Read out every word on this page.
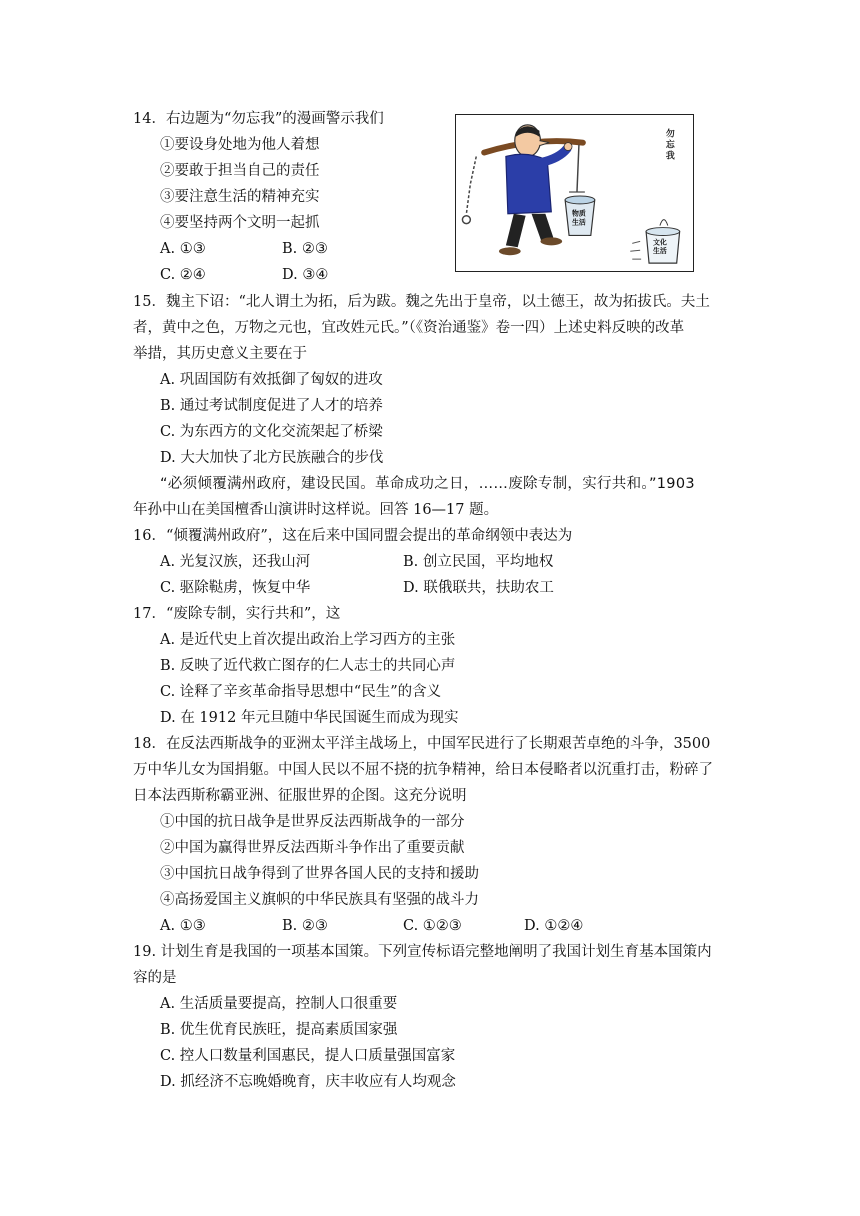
14．右边题为“勿忘我”的漫画警示我们
①要设身处地为他人着想
②要敢于担当自己的责任
③要注意生活的精神充实
④要坚持两个文明一起抓
A. ①③	B. ②③
C. ②④	D. ③④
物质
生活
勿
忘
我
文化
生活
15．魏主下诏：“北人谓土为拓，后为跋。魏之先出于皇帝，以土德王，故为拓拔氏。夫土
者，黄中之色，万物之元也，宜改姓元氏。”（《资治通鉴》卷一四）上述史料反映的改革
举措，其历史意义主要在于
A. 巩固国防有效抵御了匈奴的进攻
B. 通过考试制度促进了人才的培养
C. 为东西方的文化交流架起了桥梁
D. 大大加快了北方民族融合的步伐
“必须倾覆满州政府，建设民国。革命成功之日，……废除专制，实行共和。”1903
年孙中山在美国檀香山演讲时这样说。回答 16—17 题。
16．“倾覆满州政府”，这在后来中国同盟会提出的革命纲领中表达为
A. 光复汉族，还我山河	B. 创立民国，平均地权
C. 驱除鞑虏，恢复中华	D. 联俄联共，扶助农工
17．“废除专制，实行共和”，这
A. 是近代史上首次提出政治上学习西方的主张
B. 反映了近代救亡图存的仁人志士的共同心声
C. 诠释了辛亥革命指导思想中“民生”的含义
D. 在 1912 年元旦随中华民国诞生而成为现实
18．在反法西斯战争的亚洲太平洋主战场上，中国军民进行了长期艰苦卓绝的斗争，3500
万中华儿女为国捐躯。中国人民以不屈不挠的抗争精神，给日本侵略者以沉重打击，粉碎了
日本法西斯称霸亚洲、征服世界的企图。这充分说明
①中国的抗日战争是世界反法西斯战争的一部分
②中国为赢得世界反法西斯斗争作出了重要贡献
③中国抗日战争得到了世界各国人民的支持和援助
④高扬爱国主义旗帜的中华民族具有坚强的战斗力
A. ①③	B. ②③	C. ①②③	D. ①②④
19. 计划生育是我国的一项基本国策。下列宣传标语完整地阐明了我国计划生育基本国策内
容的是
A. 生活质量要提高，控制人口很重要
B. 优生优育民族旺，提高素质国家强
C. 控人口数量利国惠民，提人口质量强国富家
D. 抓经济不忘晚婚晚育，庆丰收应有人均观念
